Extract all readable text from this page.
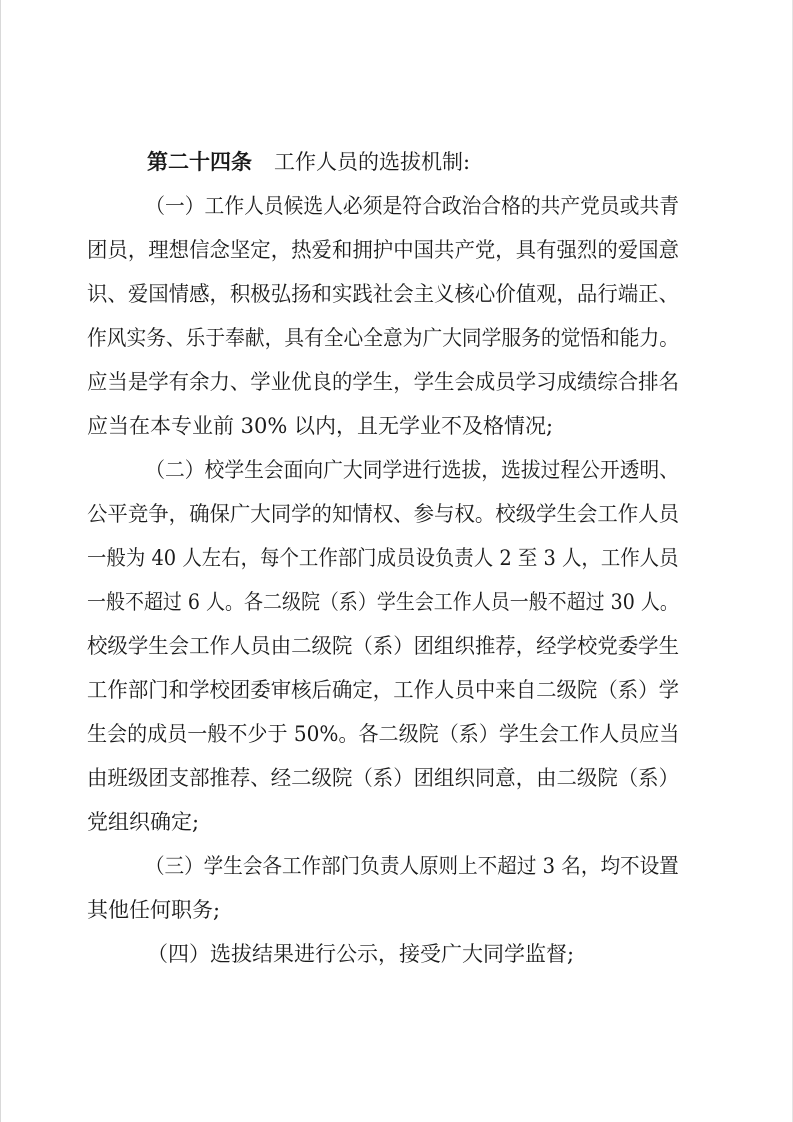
第二十四条 工作人员的选拔机制:
（一）工作人员候选人必须是符合政治合格的共产党员或共青
团员，理想信念坚定，热爱和拥护中国共产党，具有强烈的爱国意
识、爱国情感，积极弘扬和实践社会主义核心价值观，品行端正、
作风实务、乐于奉献，具有全心全意为广大同学服务的觉悟和能力。
应当是学有余力、学业优良的学生，学生会成员学习成绩综合排名
应当在本专业前 30% 以内，且无学业不及格情况;
（二）校学生会面向广大同学进行选拔，选拔过程公开透明、
公平竞争，确保广大同学的知情权、参与权。校级学生会工作人员
一般为 40 人左右，每个工作部门成员设负责人 2 至 3 人，工作人员
一般不超过 6 人。各二级院（系）学生会工作人员一般不超过 30 人。
校级学生会工作人员由二级院（系）团组织推荐，经学校党委学生
工作部门和学校团委审核后确定，工作人员中来自二级院（系）学
生会的成员一般不少于 50%。各二级院（系）学生会工作人员应当
由班级团支部推荐、经二级院（系）团组织同意，由二级院（系）
党组织确定;
（三）学生会各工作部门负责人原则上不超过 3 名，均不设置
其他任何职务;
（四）选拔结果进行公示，接受广大同学监督;
